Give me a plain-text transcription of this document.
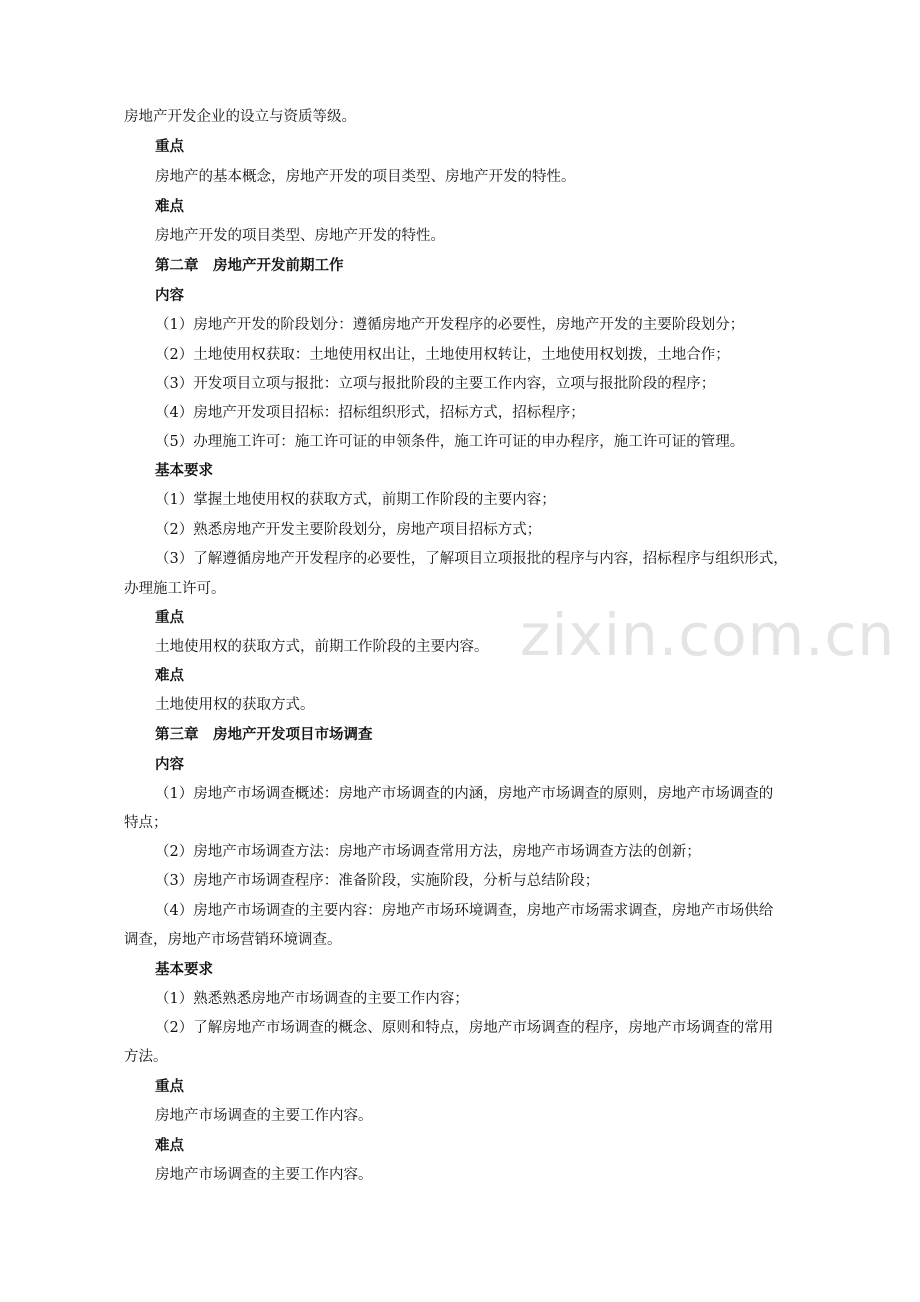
zixin.com.cn
房地产开发企业的设立与资质等级。
重点
房地产的基本概念，房地产开发的项目类型、房地产开发的特性。
难点
房地产开发的项目类型、房地产开发的特性。
第二章　房地产开发前期工作
内容
（1）房地产开发的阶段划分：遵循房地产开发程序的必要性，房地产开发的主要阶段划分；
（2）土地使用权获取：土地使用权出让，土地使用权转让，土地使用权划拨，土地合作；
（3）开发项目立项与报批：立项与报批阶段的主要工作内容，立项与报批阶段的程序；
（4）房地产开发项目招标：招标组织形式，招标方式，招标程序；
（5）办理施工许可：施工许可证的申领条件，施工许可证的申办程序，施工许可证的管理。
基本要求
（1）掌握土地使用权的获取方式，前期工作阶段的主要内容；
（2）熟悉房地产开发主要阶段划分，房地产项目招标方式；
（3）了解遵循房地产开发程序的必要性，了解项目立项报批的程序与内容，招标程序与组织形式，
办理施工许可。
重点
土地使用权的获取方式，前期工作阶段的主要内容。
难点
土地使用权的获取方式。
第三章　房地产开发项目市场调查
内容
（1）房地产市场调查概述：房地产市场调查的内涵，房地产市场调查的原则，房地产市场调查的
特点；
（2）房地产市场调查方法：房地产市场调查常用方法，房地产市场调查方法的创新；
（3）房地产市场调查程序：准备阶段，实施阶段，分析与总结阶段；
（4）房地产市场调查的主要内容：房地产市场环境调查，房地产市场需求调查，房地产市场供给
调查，房地产市场营销环境调查。
基本要求
（1）熟悉熟悉房地产市场调查的主要工作内容；
（2）了解房地产市场调查的概念、原则和特点，房地产市场调查的程序，房地产市场调查的常用
方法。
重点
房地产市场调查的主要工作内容。
难点
房地产市场调查的主要工作内容。
